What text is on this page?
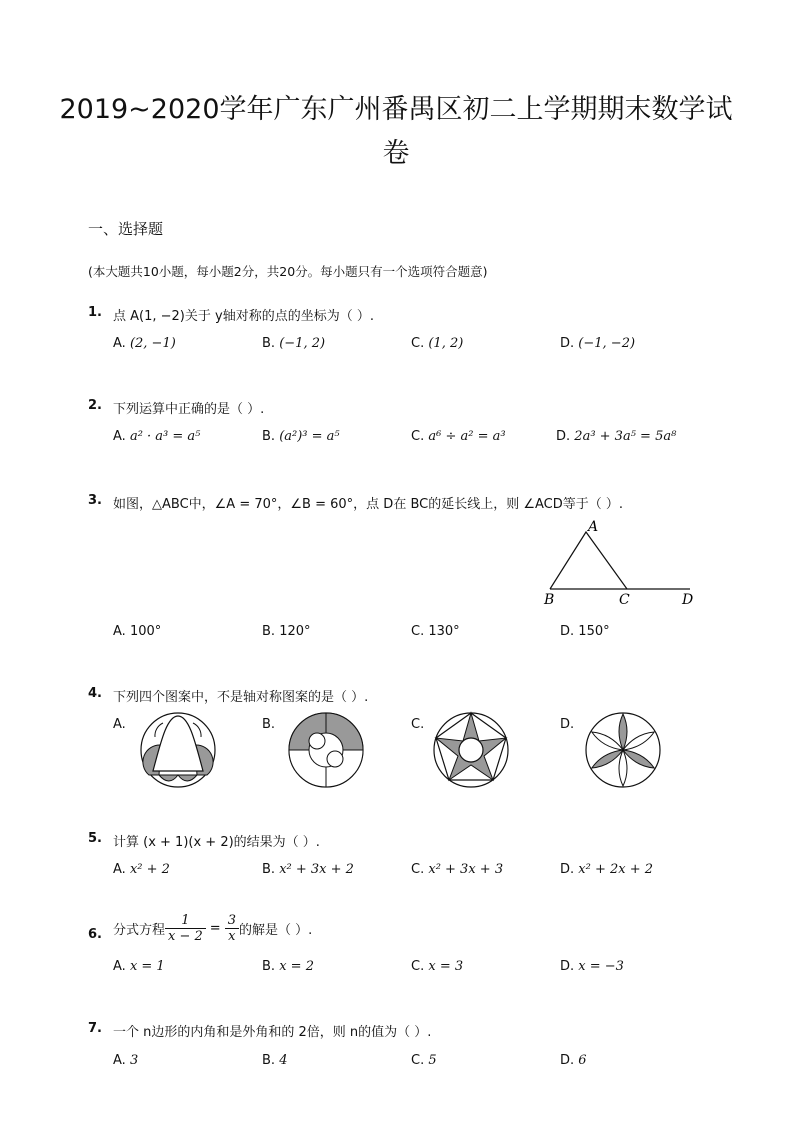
2019~2020学年广东广州番禺区初二上学期期末数学试
卷
一、选择题
(本大题共10小题，每小题2分，共20分。每小题只有一个选项符合题意)
1. 点 A(1, −2)关于 y轴对称的点的坐标为（ ）.
A. (2, −1)	B. (−1, 2)	C. (1, 2)	D. (−1, −2)
2. 下列运算中正确的是（ ）.
A. a² · a³ = a⁵	B. (a²)³ = a⁵	C. a⁶ ÷ a² = a³	D. 2a³ + 3a⁵ = 5a⁸
3. 如图，△ABC中，∠A = 70°，∠B = 60°，点 D在 BC的延长线上，则 ∠ACD等于（ ）.
A
B	C	D
A. 100°	B. 120°	C. 130°	D. 150°
4. 下列四个图案中，不是轴对称图案的是（ ）.
A.	B.	C.	D.
5. 计算 (x + 1)(x + 2)的结果为（ ）.
A. x² + 2	B. x² + 3x + 2	C. x² + 3x + 3	D. x² + 2x + 2
6. 分式方程 $\frac{1}{x - 2} = \frac{3}{x}$ 的解是（ ）.
A. x = 1	B. x = 2	C. x = 3	D. x = −3
7. 一个 n边形的内角和是外角和的 2倍，则 n的值为（ ）.
A. 3	B. 4	C. 5	D. 6
